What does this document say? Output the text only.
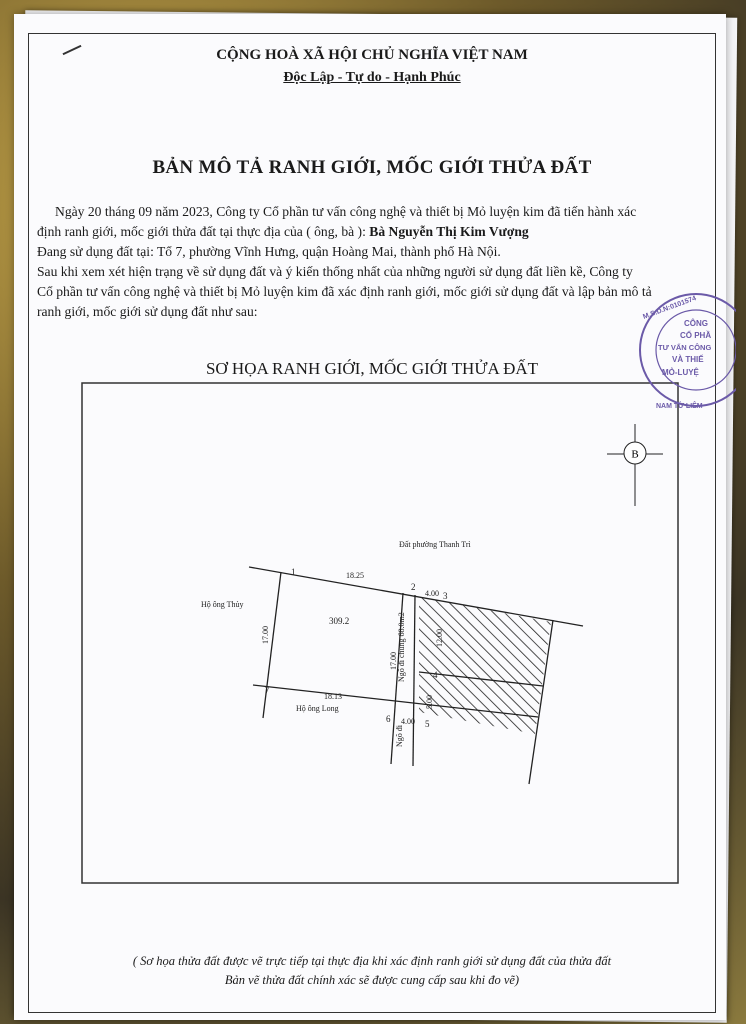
CỘNG HOÀ XÃ HỘI CHỦ NGHĨA VIỆT NAM
Độc Lập - Tự do - Hạnh Phúc
BẢN MÔ TẢ RANH GIỚI, MỐC GIỚI THỬA ĐẤT
Ngày 20 tháng 09 năm 2023, Công ty Cổ phần tư vấn công nghệ và thiết bị Mỏ luyện kim đã tiến hành xác
định ranh giới, mốc giới thửa đất tại thực địa của ( ông, bà ): Bà Nguyễn Thị Kim Vượng
Đang sử dụng đất tại: Tổ 7, phường Vĩnh Hưng, quận Hoàng Mai, thành phố Hà Nội.
Sau khi xem xét hiện trạng về sử dụng đất và ý kiến thống nhất của những người sử dụng đất liền kề, Công ty
Cổ phần tư vấn công nghệ và thiết bị Mỏ luyện kim đã xác định ranh giới, mốc giới sử dụng đất và lập bản mô tả
ranh giới, mốc giới sử dụng đất như sau:
SƠ HỌA RANH GIỚI, MỐC GIỚI THỬA ĐẤT
B
Đất phường Thanh Trì
Hộ ông Thủy
Hộ ông Long
309.2	Ngõ đi chung 68.0m2
Ngõ đi
1
2
3
4
5
6
7
18.25
4.00
12.00
5.00
4.00
18.13
17.00
17.00
( Sơ họa thửa đất được vẽ trực tiếp tại thực địa khi xác định ranh giới sử dụng đất của thửa đất
Bản vẽ thửa đất chính xác sẽ được cung cấp sau khi đo vẽ)
CÔNG
CỔ PHẦ
TƯ VẤN CÔNG
VÀ THIẾ
MỎ-LUYỆ
M.S.D.N:0101574
NAM TỪ LIÊM
